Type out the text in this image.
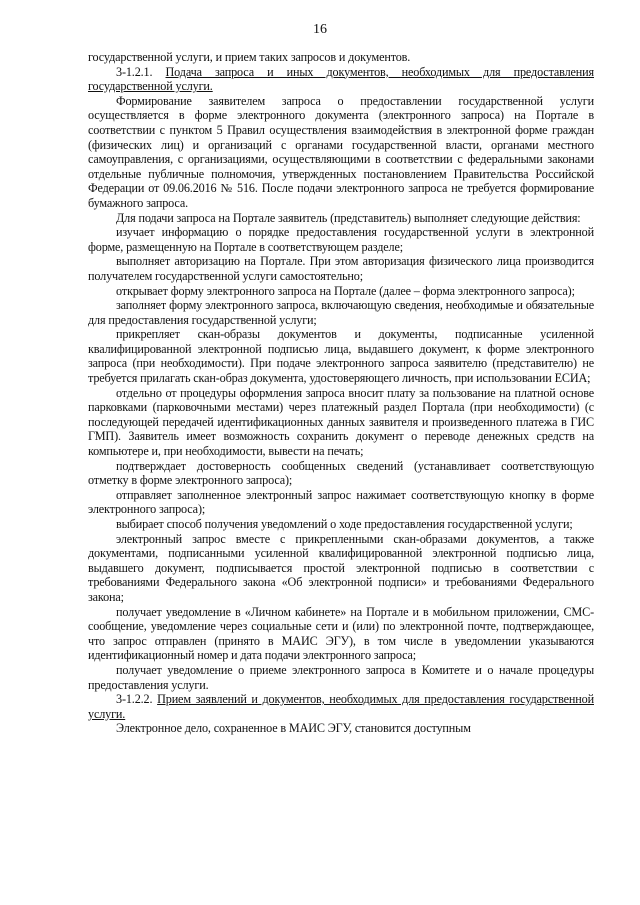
16

государственной услуги, и прием таких запросов и документов.

3-1.2.1. Подача запроса и иных документов, необходимых для предоставления государственной услуги.

Формирование заявителем запроса о предоставлении государственной услуги осуществляется в форме электронного документа (электронного запроса) на Портале в соответствии с пунктом 5 Правил осуществления взаимодействия в электронной форме граждан (физических лиц) и организаций с органами государственной власти, органами местного самоуправления, с организациями, осуществляющими в соответствии с федеральными законами отдельные публичные полномочия, утвержденных постановлением Правительства Российской Федерации от 09.06.2016 № 516. После подачи электронного запроса не требуется формирование бумажного запроса.

Для подачи запроса на Портале заявитель (представитель) выполняет следующие действия:

изучает информацию о порядке предоставления государственной услуги в электронной форме, размещенную на Портале в соответствующем разделе;

выполняет авторизацию на Портале. При этом авторизация физического лица производится получателем государственной услуги самостоятельно;

открывает форму электронного запроса на Портале (далее – форма электронного запроса);

заполняет форму электронного запроса, включающую сведения, необходимые и обязательные для предоставления государственной услуги;

прикрепляет скан-образы документов и документы, подписанные усиленной квалифицированной электронной подписью лица, выдавшего документ, к форме электронного запроса (при необходимости). При подаче электронного запроса заявителю (представителю) не требуется прилагать скан-образ документа, удостоверяющего личность, при использовании ЕСИА;

отдельно от процедуры оформления запроса вносит плату за пользование на платной основе парковками (парковочными местами) через платежный раздел Портала (при необходимости) (с последующей передачей идентификационных данных заявителя и произведенного платежа в ГИС ГМП). Заявитель имеет возможность сохранить документ о переводе денежных средств на компьютере и, при необходимости, вывести на печать;

подтверждает достоверность сообщенных сведений (устанавливает соответствующую отметку в форме электронного запроса);

отправляет заполненное электронный запрос нажимает соответствующую кнопку в форме электронного запроса);

выбирает способ получения уведомлений о ходе предоставления государственной услуги;

электронный запрос вместе с прикрепленными скан-образами документов, а также документами, подписанными усиленной квалифицированной электронной подписью лица, выдавшего документ, подписывается простой электронной подписью в соответствии с требованиями Федерального закона «Об электронной подписи» и требованиями Федерального закона;

получает уведомление в «Личном кабинете» на Портале и в мобильном приложении, СМС-сообщение, уведомление через социальные сети и (или) по электронной почте, подтверждающее, что запрос отправлен (принято в МАИС ЭГУ), в том числе в уведомлении указываются идентификационный номер и дата подачи электронного запроса;

получает уведомление о приеме электронного запроса в Комитете и о начале процедуры предоставления услуги.

3-1.2.2. Прием заявлений и документов, необходимых для предоставления государственной услуги.

Электронное дело, сохраненное в МАИС ЭГУ, становится доступным
